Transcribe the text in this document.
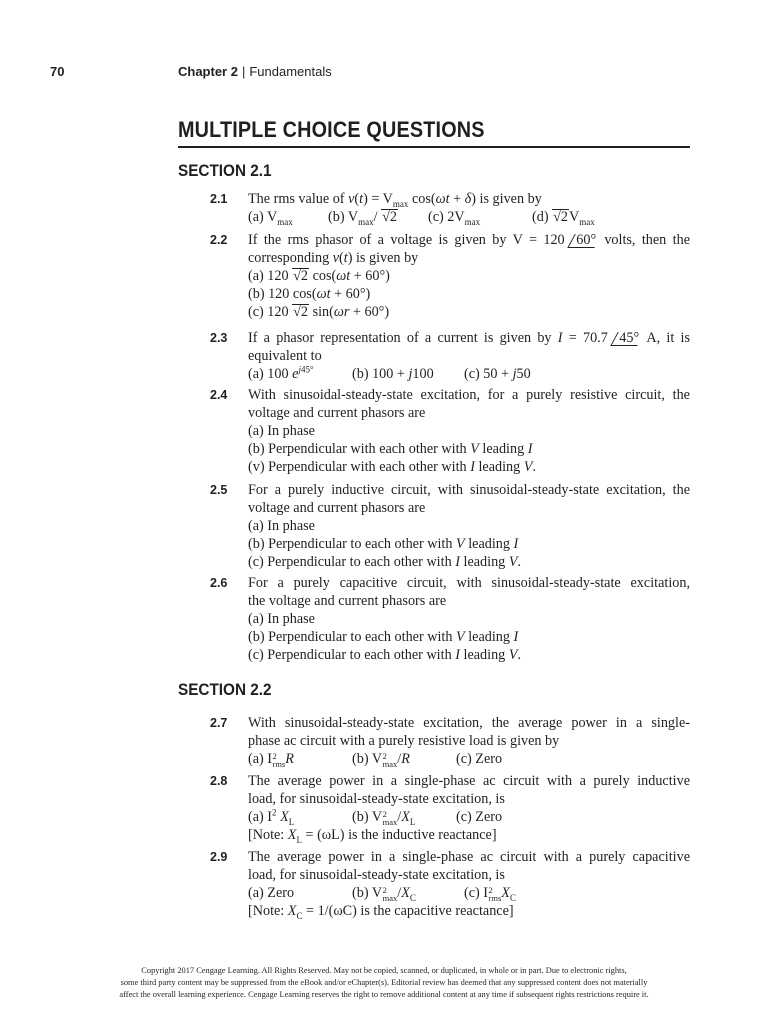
70	Chapter 2 | Fundamentals
MULTIPLE CHOICE QUESTIONS
SECTION 2.1
2.1 The rms value of $v(t) = V_{max}$ cos(ωt + δ) is given by

(a) $V_{max}$	(b) $V_{max}/$ √2	(c) $2V_{max}$	(d) $√2V_{max}$
2.2 If the rms phasor of a voltage is given by V = 120 60° volts, then the

corresponding v(t) is given by

(a) 120 √2 cos(ωt + 60°)

(b) 120 cos(ωt + 60°)

(c) 120 √2 sin(ωr + 60°)

2.3 If a phasor representation of a current is given by I = 70.7 45° A, it is

equivalent to

(a) 100 $e^{j45^\circ}$	(b) 100 + j100	(c) 50 + j50
2.4 With sinusoidal-steady-state excitation, for a purely resistive circuit, the

voltage and current phasors are

(a) In phase

(b) Perpendicular with each other with V leading I

(v) Perpendicular with each other with I leading V.

2.5 For a purely inductive circuit, with sinusoidal-steady-state excitation, the

voltage and current phasors are

(a) In phase

(b) Perpendicular to each other with V leading I

(c) Perpendicular to each other with I leading V.

2.6 For a purely capacitive circuit, with sinusoidal-steady-state excitation,

the voltage and current phasors are

(a) In phase

(b) Perpendicular to each other with V leading I

(c) Perpendicular to each other with I leading V.

SECTION 2.2
2.7 With sinusoidal-steady-state excitation, the average power in a single-

phase ac circuit with a purely resistive load is given by

(a) I 2
rms R	(b) V 2
max /R	(c) Zero
2.8 The average power in a single-phase ac circuit with a purely inductive

load, for sinusoidal-steady-state excitation, is

(a) $I^2$ $X_L$	(b) V 2
$\max /X_L$	(c) Zero

[Note: $X_L = (\omega L)$ is the inductive reactance]

2.9 The average power in a single-phase ac circuit with a purely capacitive

load, for sinusoidal-steady-state excitation, is

(a) Zero	(b) V 2
$\max /X_C$	(c) I 2
rms $X_C$

[Note: $X_C = 1/(\omega C)$ is the capacitive reactance]

Copyright 2017 Cengage Learning. All Rights Reserved. May not be copied, scanned, or duplicated, in whole or in part. Due to electronic rights,

some third party content may be suppressed from the eBook and/or eChapter(s). Editorial review has deemed that any suppressed content does not materially

affect the overall learning experience. Cengage Learning reserves the right to remove additional content at any time if subsequent rights restrictions require it.
